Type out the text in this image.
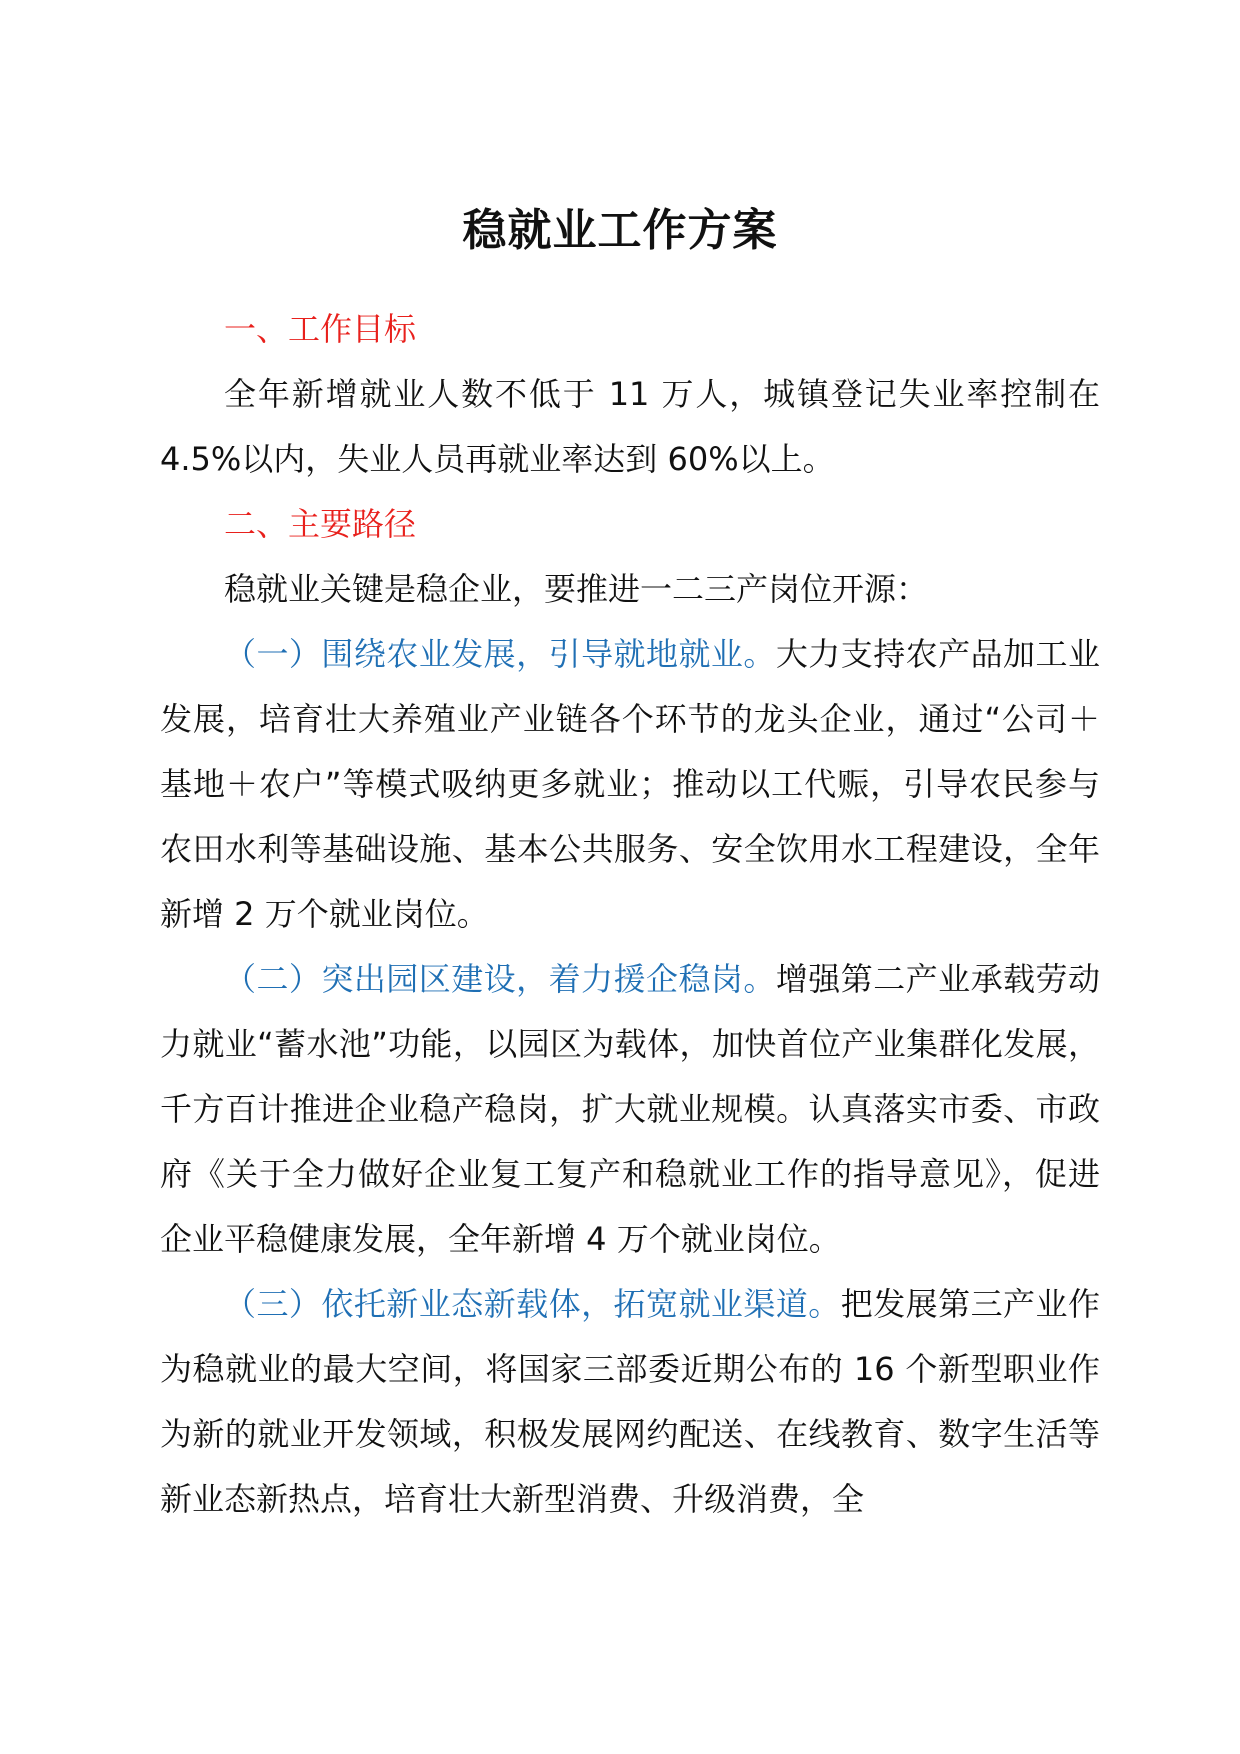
稳就业工作方案

一、工作目标

全年新增就业人数不低于 11 万人，城镇登记失业率控制在 4.5%以内，失业人员再就业率达到 60%以上。

二、主要路径

稳就业关键是稳企业，要推进一二三产岗位开源：

（一）围绕农业发展，引导就地就业。大力支持农产品加工业发展，培育壮大养殖业产业链各个环节的龙头企业，通过“公司＋基地＋农户”等模式吸纳更多就业；推动以工代赈，引导农民参与农田水利等基础设施、基本公共服务、安全饮用水工程建设，全年新增 2 万个就业岗位。

（二）突出园区建设，着力援企稳岗。增强第二产业承载劳动力就业“蓄水池”功能，以园区为载体，加快首位产业集群化发展，千方百计推进企业稳产稳岗，扩大就业规模。认真落实市委、市政府《关于全力做好企业复工复产和稳就业工作的指导意见》，促进企业平稳健康发展，全年新增 4 万个就业岗位。

（三）依托新业态新载体，拓宽就业渠道。把发展第三产业作为稳就业的最大空间，将国家三部委近期公布的 16 个新型职业作为新的就业开发领域，积极发展网约配送、在线教育、数字生活等新业态新热点，培育壮大新型消费、升级消费，全
